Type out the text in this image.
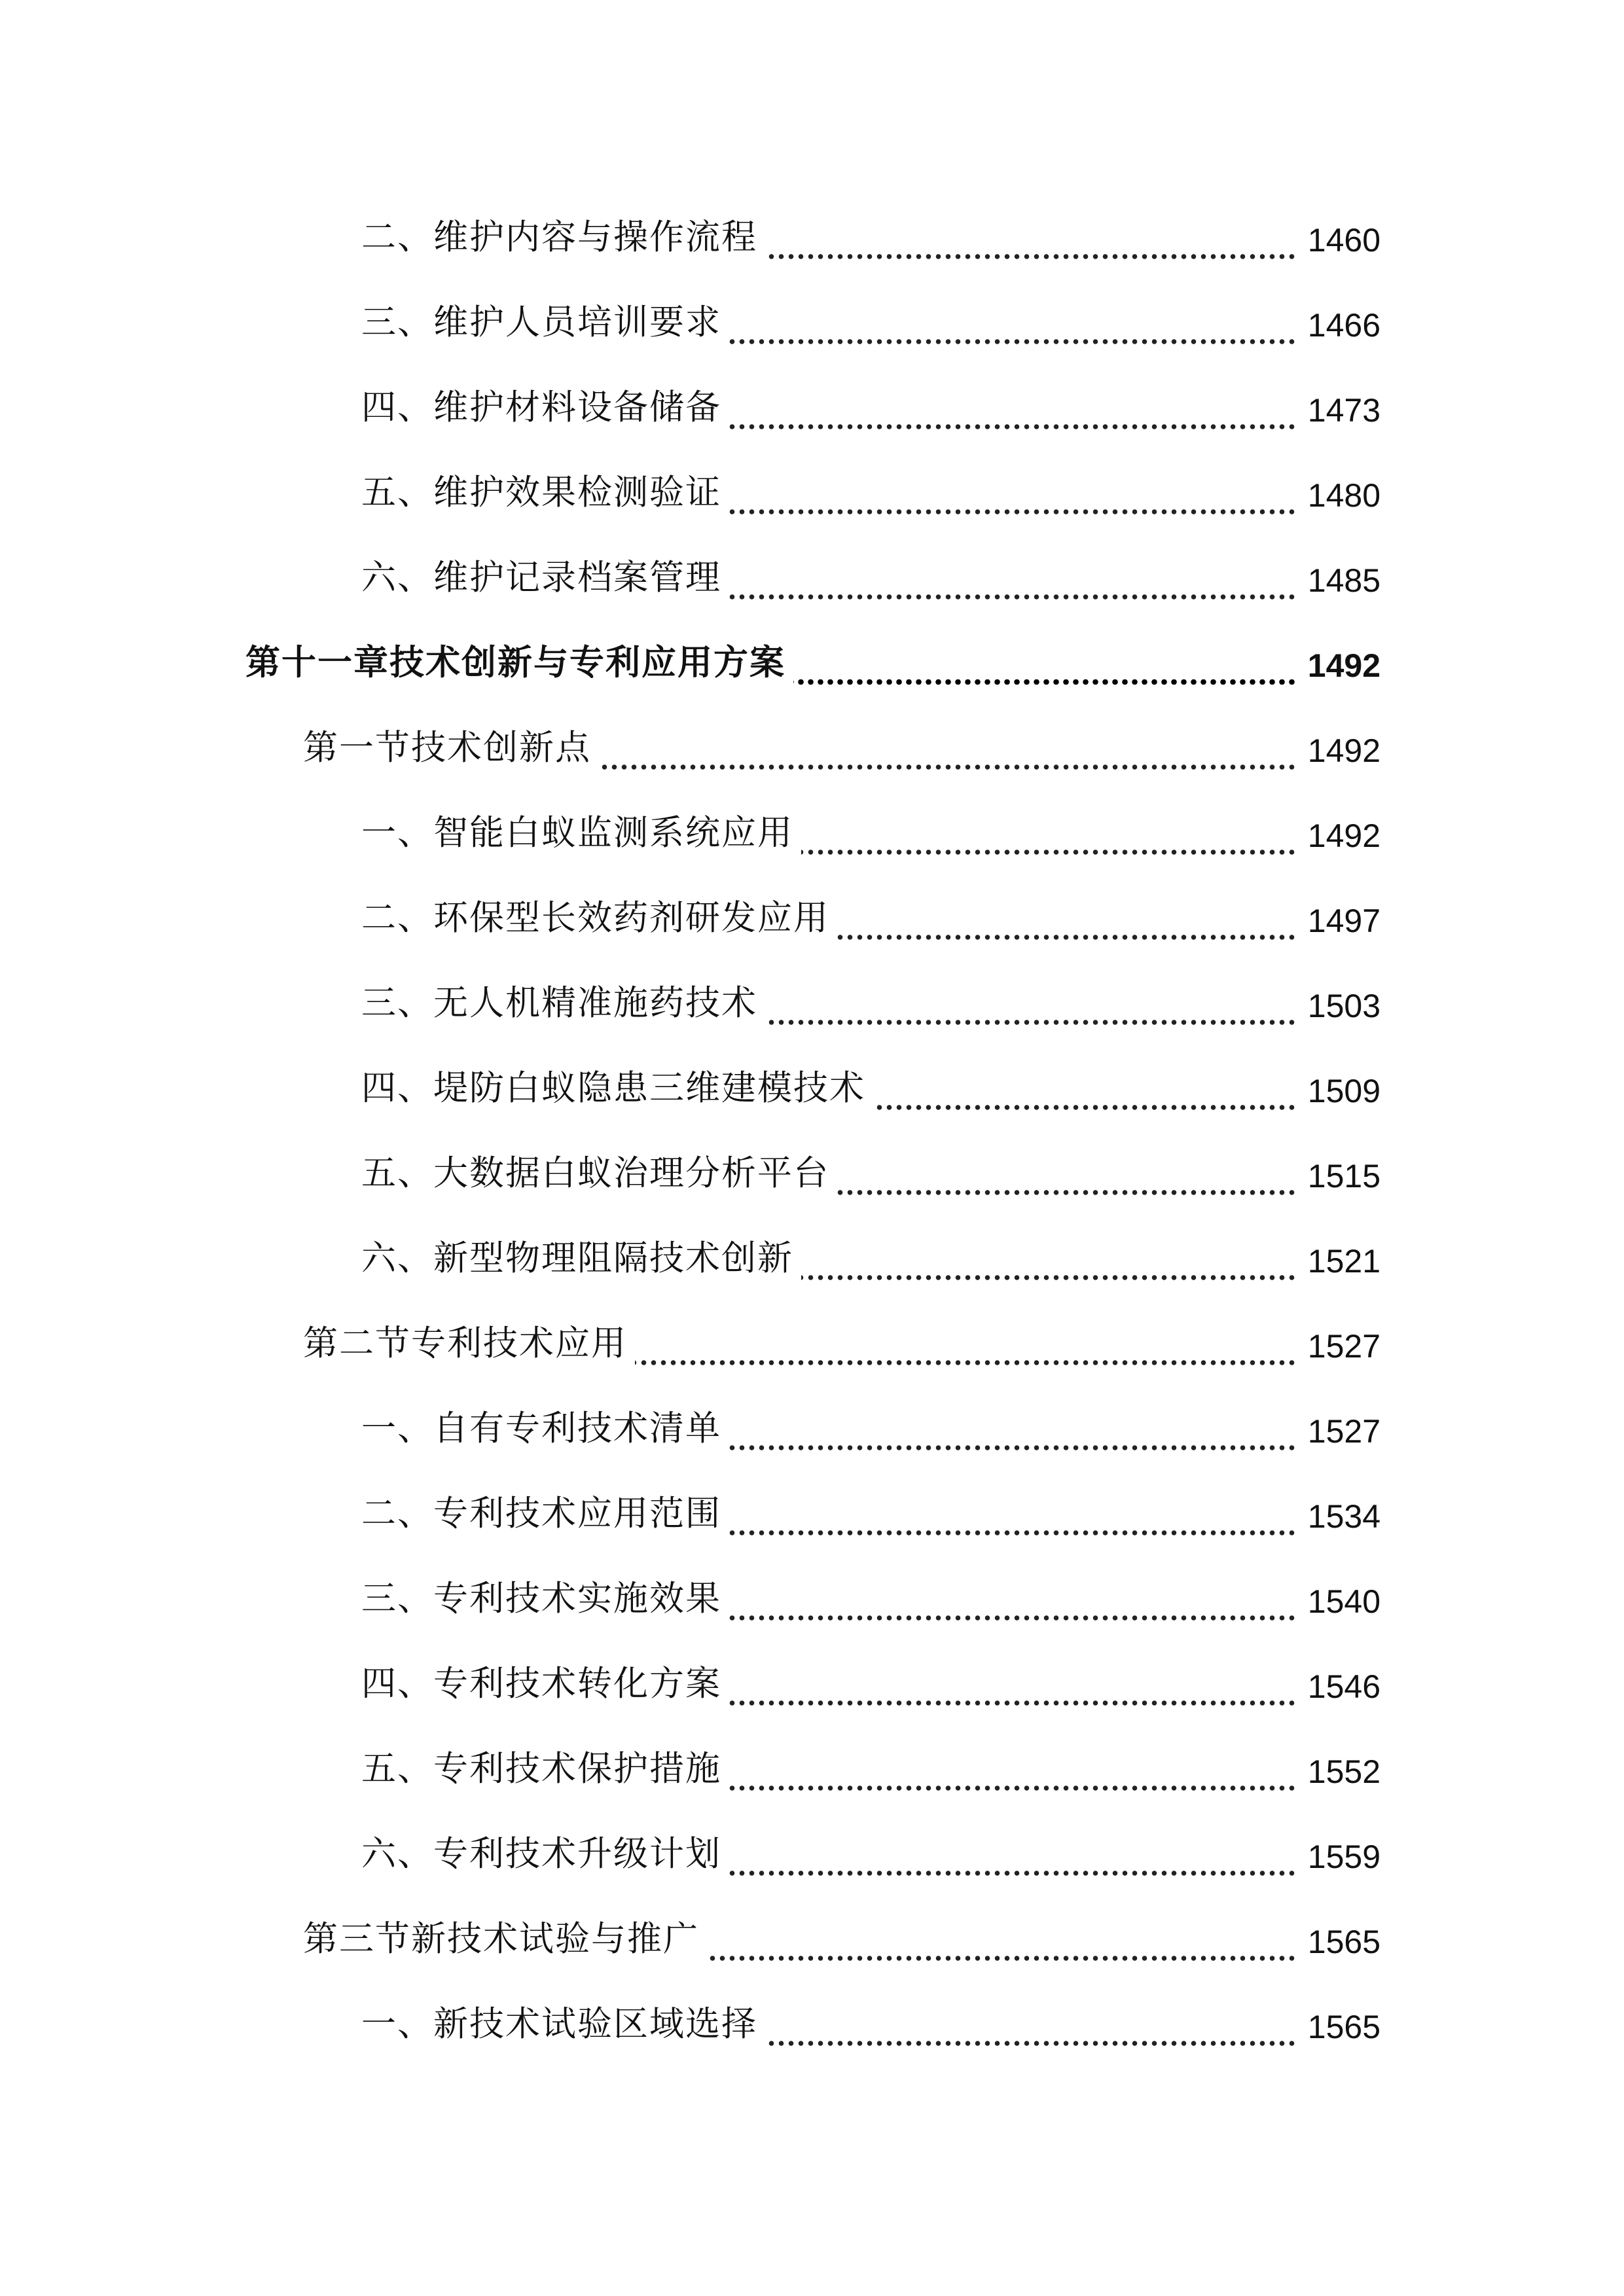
二、维护内容与操作流程	1460
三、维护人员培训要求	1466
四、维护材料设备储备	1473
五、维护效果检测验证	1480
六、维护记录档案管理	1485
第十一章技术创新与专利应用方案	1492
第一节技术创新点	1492
一、智能白蚁监测系统应用	1492
二、环保型长效药剂研发应用	1497
三、无人机精准施药技术	1503
四、堤防白蚁隐患三维建模技术	1509
五、大数据白蚁治理分析平台	1515
六、新型物理阻隔技术创新	1521
第二节专利技术应用	1527
一、自有专利技术清单	1527
二、专利技术应用范围	1534
三、专利技术实施效果	1540
四、专利技术转化方案	1546
五、专利技术保护措施	1552
六、专利技术升级计划	1559
第三节新技术试验与推广	1565
一、新技术试验区域选择	1565
